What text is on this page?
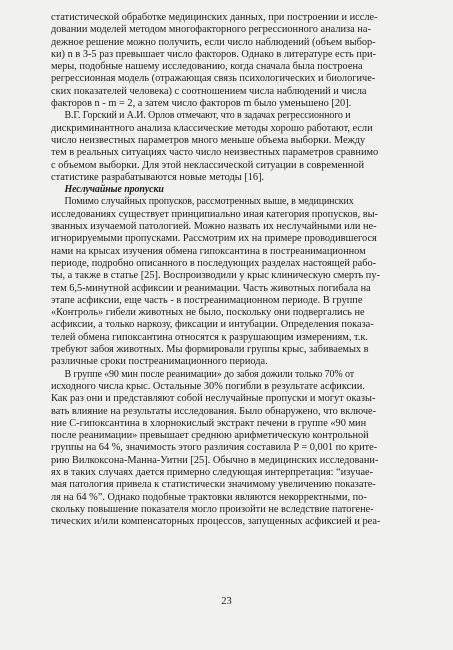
статистической обработке медицинских данных, при построении и иссле-
довании моделей методом многофакторного регрессионного анализа на-
дежное решение можно получить, если число наблюдений (объем выбор-
ки) n в 3-5 раз превышает число факторов. Однако в литературе есть при-
меры, подобные нашему исследованию, когда сначала была построена
регрессионная модель (отражающая связь психологических и биологиче-
ских показателей человека) с соотношением числа наблюдений и числа
факторов n - m = 2, а затем число факторов m было уменьшено [20].
В.Г. Горский и А.И. Орлов отмечают, что в задачах регрессионного и
дискриминантного анализа классические методы хорошо работают, если
число неизвестных параметров много меньше объема выборки. Между
тем в реальных ситуациях часто число неизвестных параметров сравнимо
с объемом выборки. Для этой неклассической ситуации в современной
статистике разрабатываются новые методы [16].
Неслучайные пропуски
Помимо случайных пропусков, рассмотренных выше, в медицинских
исследованиях существует принципиально иная категория пропусков, вы-
званных изучаемой патологией. Можно назвать их неслучайными или не-
игнорируемыми пропусками. Рассмотрим их на примере проводившегося
нами на крысах изучения обмена гипоксантина в постреанимационном
периоде, подробно описанного в последующих разделах настоящей рабо-
ты, а также в статье [25]. Воспроизводили у крыс клиническую смерть пу-
тем 6,5-минутной асфиксии и реанимации. Часть животных погибала на
этапе асфиксии, еще часть - в постреанимационном периоде. В группе
«Контроль» гибели животных не было, поскольку они подвергались не
асфиксии, а только наркозу, фиксации и интубации. Определения показа-
телей обмена гипоксантина относятся к разрушающим измерениям, т.к.
требуют забоя животных. Мы формировали группы крыс, забиваемых в
различные сроки постреанимационного периода.
В группе «90 мин после реанимации» до забоя дожили только 70% от
исходного числа крыс. Остальные 30% погибли в результате асфиксии.
Как раз они и представляют собой неслучайные пропуски и могут оказы-
вать влияние на результаты исследования. Было обнаружено, что включе-
ние С-гипоксантина в хлорнокислый экстракт печени в группе «90 мин
после реанимации» превышает среднюю арифметическую контрольной
группы на 64 %, значимость этого различия составила P = 0,001 по крите-
рию Вилкоксона-Манна-Уитни [25]. Обычно в медицинских исследовани-
ях в таких случаях дается примерно следующая интерпретация: “изучае-
мая патология привела к статистически значимому увеличению показате-
ля на 64 %”. Однако подобные трактовки являются некорректными, по-
скольку повышение показателя могло произойти не вследствие патогене-
тических и/или компенсаторных процессов, запущенных асфиксией и реа-
23
